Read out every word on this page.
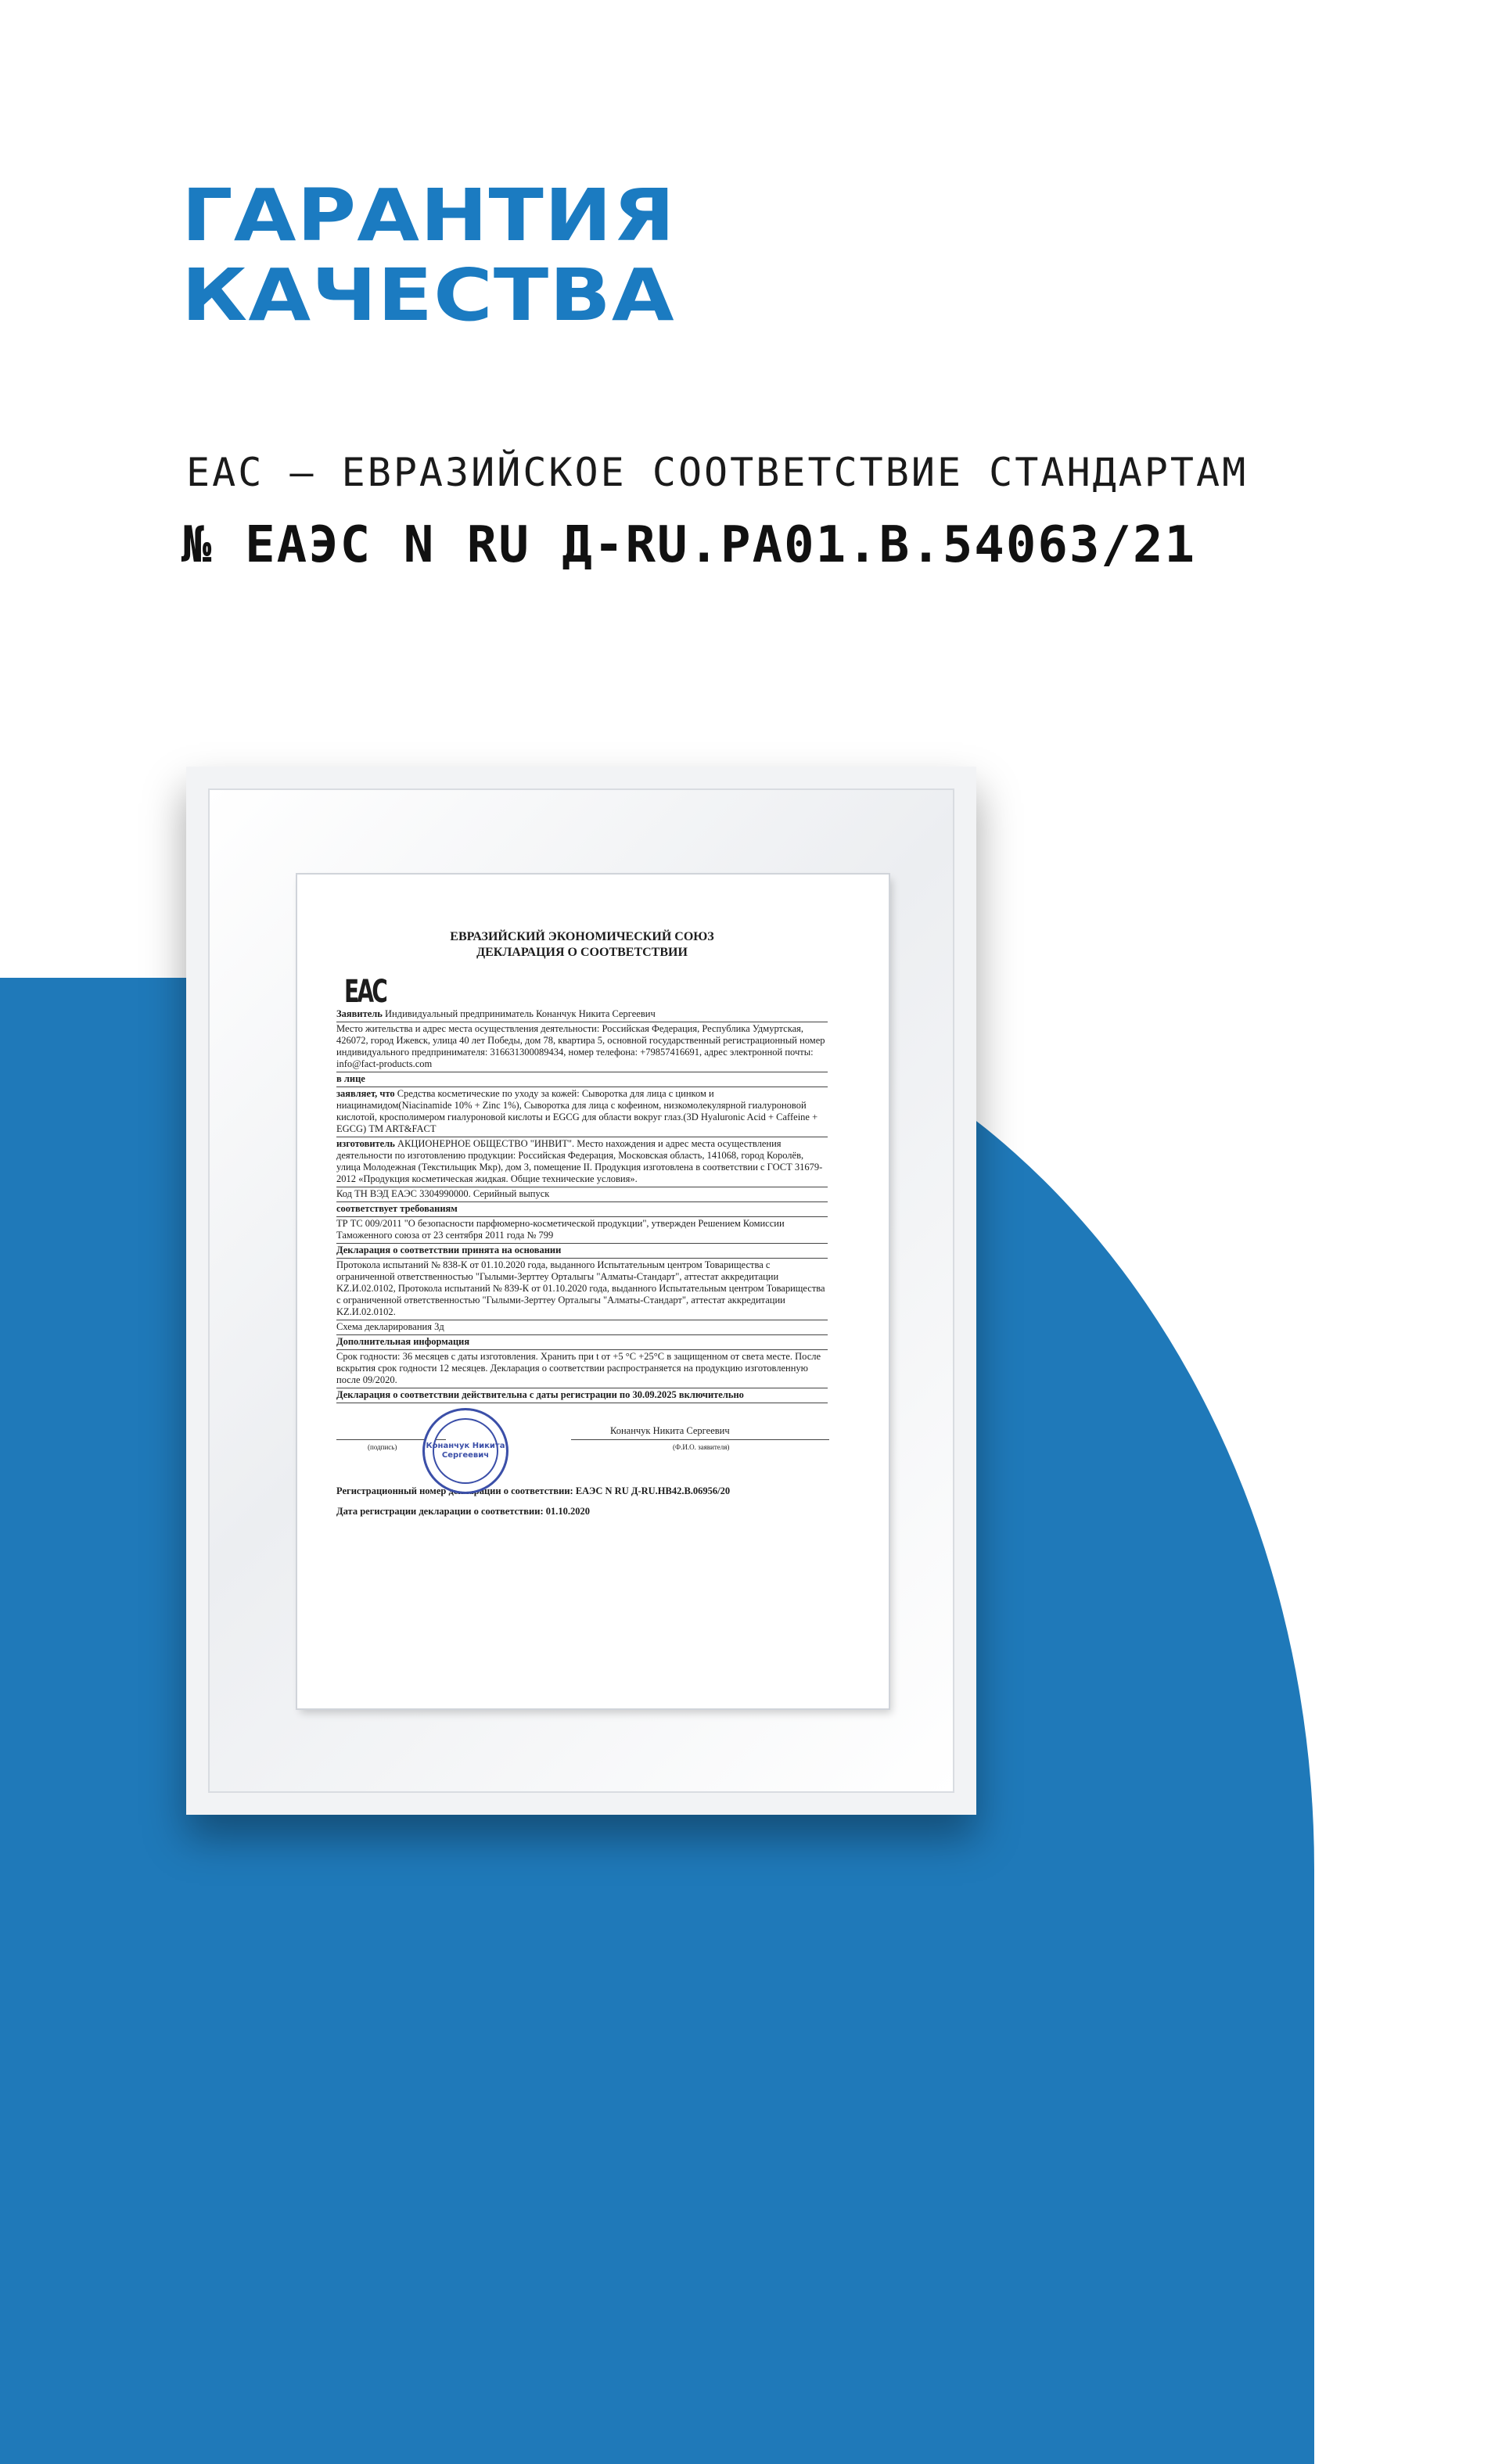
ГАРАНТИЯ
КАЧЕСТВА
EAC – ЕВРАЗИЙСКОЕ СООТВЕТСТВИЕ СТАНДАРТАМ
№ ЕАЭС N RU Д-RU.PA01.B.54063/21
ЕВРАЗИЙСКИЙ ЭКОНОМИЧЕСКИЙ СОЮЗ
ДЕКЛАРАЦИЯ О СООТВЕТСТВИИ
EAC
Заявитель Индивидуальный предприниматель Конанчук Никита Сергеевич
Место жительства и адрес места осуществления деятельности: Российская Федерация, Республика Удмуртская, 426072, город Ижевск, улица 40 лет Победы, дом 78, квартира 5, основной государственный регистрационный номер индивидуального предпринимателя: 316631300089434, номер телефона: +79857416691, адрес электронной почты: info@fact-products.com
в лице
заявляет, что Средства косметические по уходу за кожей: Сыворотка для лица с цинком и ниацинамидом(Niacinamide 10% + Zinc 1%), Сыворотка для лица с кофеином, низкомолекулярной гиалуроновой кислотой, кросполимером гиалуроновой кислоты и EGCG для области вокруг глаз.(3D Hyaluronic Acid + Caffeine + EGCG) TM ART&FACT
изготовитель АКЦИОНЕРНОЕ ОБЩЕСТВО "ИНВИТ". Место нахождения и адрес места осуществления деятельности по изготовлению продукции: Российская Федерация, Московская область, 141068, город Королёв, улица Молодежная (Текстильщик Мкр), дом 3, помещение II. Продукция изготовлена в соответствии с ГОСТ 31679-2012 «Продукция косметическая жидкая. Общие технические условия».
Код ТН ВЭД ЕАЭС 3304990000. Серийный выпуск
соответствует требованиям
ТР ТС 009/2011 "О безопасности парфюмерно-косметической продукции", утвержден Решением Комиссии Таможенного союза от 23 сентября 2011 года № 799
Декларация о соответствии принята на основании
Протокола испытаний № 838-К от 01.10.2020 года, выданного Испытательным центром Товарищества с ограниченной ответственностью "Гылыми-Зерттеу Орталыгы "Алматы-Стандарт", аттестат аккредитации KZ.И.02.0102, Протокола испытаний № 839-К от 01.10.2020 года, выданного Испытательным центром Товарищества с ограниченной ответственностью "Гылыми-Зерттеу Орталыгы "Алматы-Стандарт", аттестат аккредитации KZ.И.02.0102.
Схема декларирования 3д
Дополнительная информация
Срок годности: 36 месяцев с даты изготовления. Хранить при t от +5 °С +25°С в защищенном от света месте. После вскрытия срок годности 12 месяцев. Декларация о соответствии распространяется на продукцию изготовленную после 09/2020.
Декларация о соответствии действительна с даты регистрации по 30.09.2025 включительно
(подпись)	Конанчук Никита Сергеевич
Конанчук Никита Сергеевич
(Ф.И.О. заявителя)
Регистрационный номер декларации о соответствии: ЕАЭС N RU Д-RU.HB42.B.06956/20
Дата регистрации декларации о соответствии: 01.10.2020
